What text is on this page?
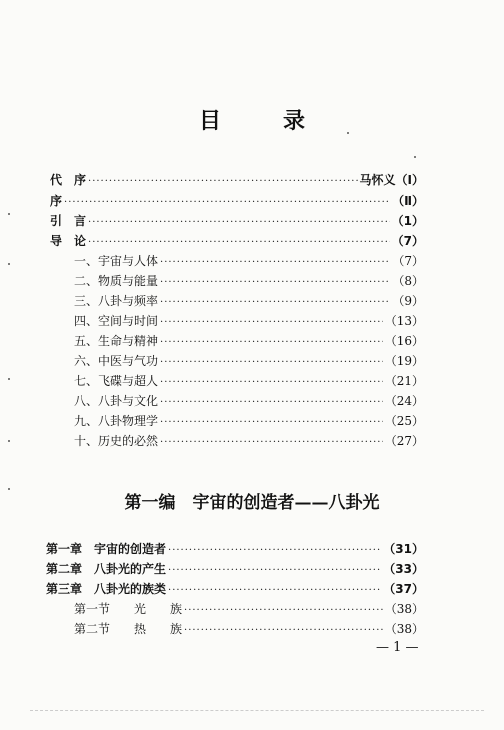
目　录
代　序 ·····	马怀义（Ⅰ）
序 ·····	（Ⅱ）
引　言 ·····	（1）
导　论 ·····	（7）
一、宇宙与人体 ·····	（7）
二、物质与能量 ·····	（8）
三、八卦与频率 ·····	（9）
四、空间与时间 ·····	（13）
五、生命与精神 ·····	（16）
六、中医与气功 ·····	（19）
七、飞碟与超人 ·····	（21）
八、八卦与文化 ·····	（24）
九、八卦物理学 ·····	（25）
十、历史的必然 ·····	（27）
第一编　宇宙的创造者——八卦光
第一章　宇宙的创造者 ·····	（31）
第二章　八卦光的产生 ·····	（33）
第三章　八卦光的族类 ·····	（37）
第一节　　光　　族 ·····	（38）
第二节　　热　　族 ·····	（38）
— 1 —
